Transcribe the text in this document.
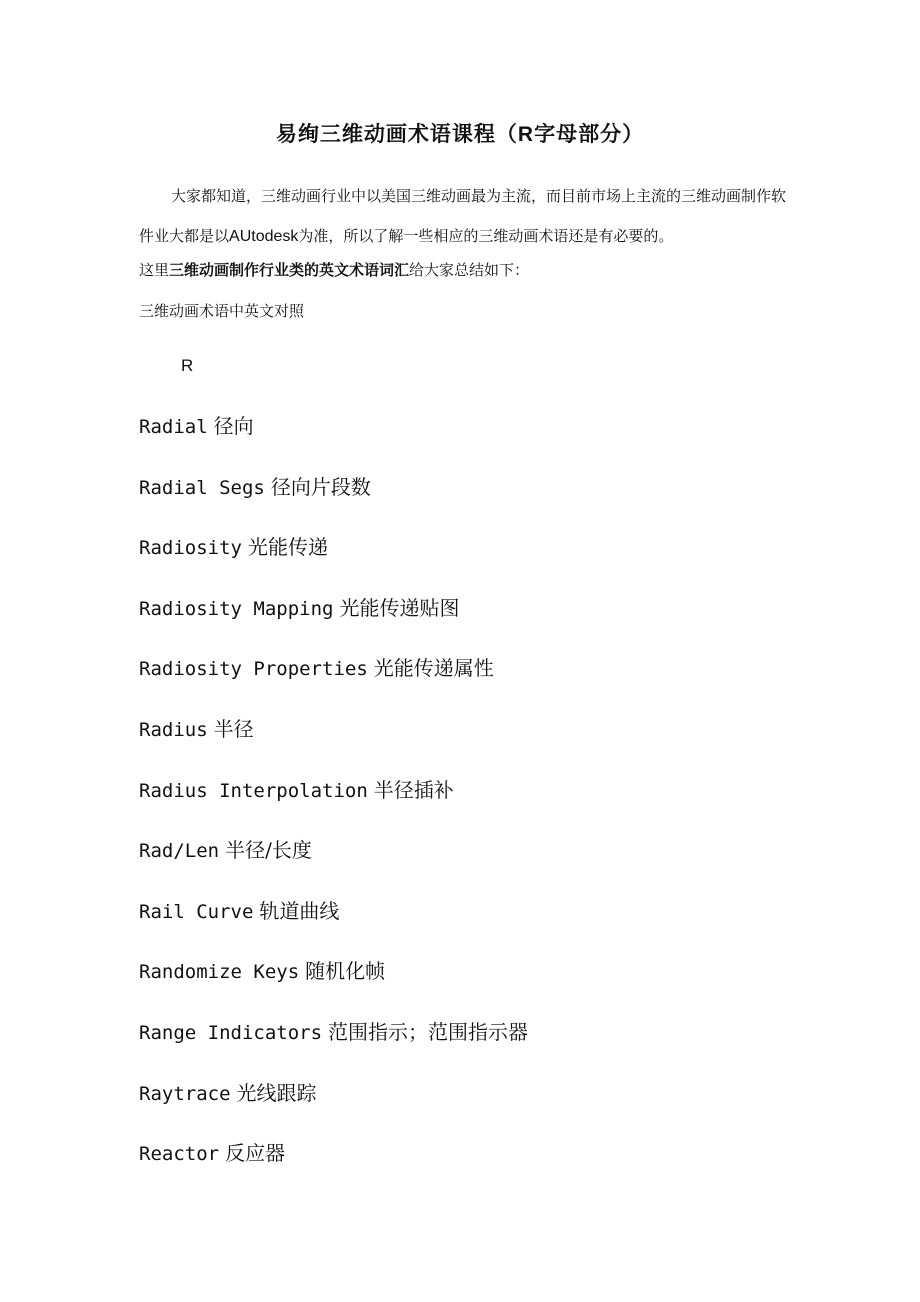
易绚三维动画术语课程（R字母部分）

大家都知道，三维动画行业中以美国三维动画最为主流，而目前市场上主流的三维动画制作软件业大都是以AUtodesk为准，所以了解一些相应的三维动画术语还是有必要的。

这里三维动画制作行业类的英文术语词汇给大家总结如下：

三维动画术语中英文对照

R

Radial 径向
Radial Segs 径向片段数
Radiosity 光能传递
Radiosity Mapping 光能传递贴图
Radiosity Properties 光能传递属性
Radius 半径
Radius Interpolation 半径插补
Rad/Len 半径/长度
Rail Curve 轨道曲线
Randomize Keys 随机化帧
Range Indicators 范围指示；范围指示器
Raytrace 光线跟踪
Reactor 反应器
